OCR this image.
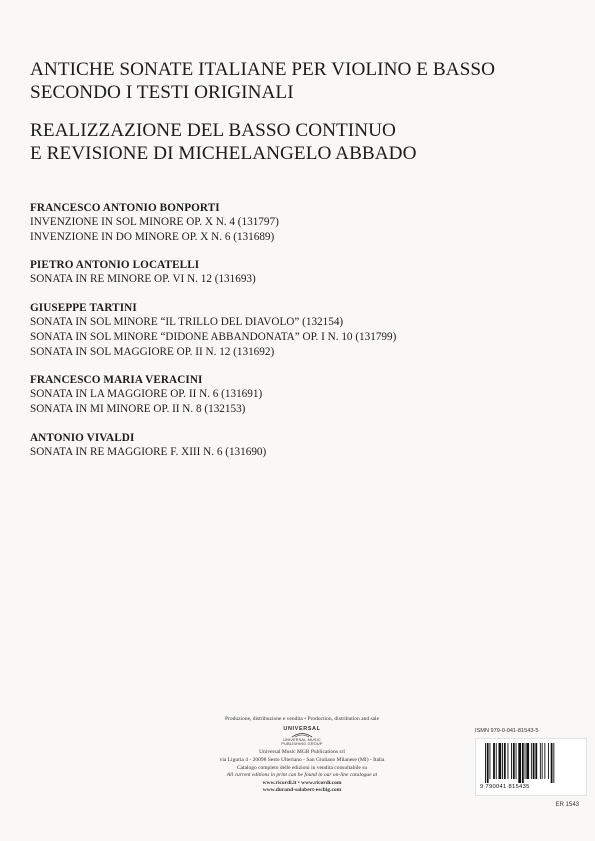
ANTICHE SONATE ITALIANE PER VIOLINO E BASSO
SECONDO I TESTI ORIGINALI
REALIZZAZIONE DEL BASSO CONTINUO
E REVISIONE DI MICHELANGELO ABBADO
FRANCESCO ANTONIO BONPORTI
INVENZIONE IN SOL MINORE OP. X N. 4 (131797)
INVENZIONE IN DO MINORE OP. X N. 6 (131689)
PIETRO ANTONIO LOCATELLI
SONATA IN RE MINORE OP. VI N. 12 (131693)
GIUSEPPE TARTINI
SONATA IN SOL MINORE “IL TRILLO DEL DIAVOLO” (132154)
SONATA IN SOL MINORE “DIDONE ABBANDONATA” OP. I N. 10 (131799)
SONATA IN SOL MAGGIORE OP. II N. 12 (131692)
FRANCESCO MARIA VERACINI
SONATA IN LA MAGGIORE OP. II N. 6 (131691)
SONATA IN MI MINORE OP. II N. 8 (132153)
ANTONIO VIVALDI
SONATA IN RE MAGGIORE F. XIII N. 6 (131690)
Produzione, distribuzione e vendita • Production, distribution and sale
UNIVERSAL
UNIVERSAL MUSIC
PUBLISHING GROUP
Universal Music MGB Publications srl
via Liguria 4 - 20098 Sesto Ulteriano - San Giuliano Milanese (MI) - Italia
Catalogo completo delle edizioni in vendita consultabile su
All current editions in print can be found in our on-line catalogue at
www.ricordi.it • www.ricordi.com
www.durand-salabert-eschig.com
ISMN 979-0-041-81543-5
9 790041 815435
ER 1543
